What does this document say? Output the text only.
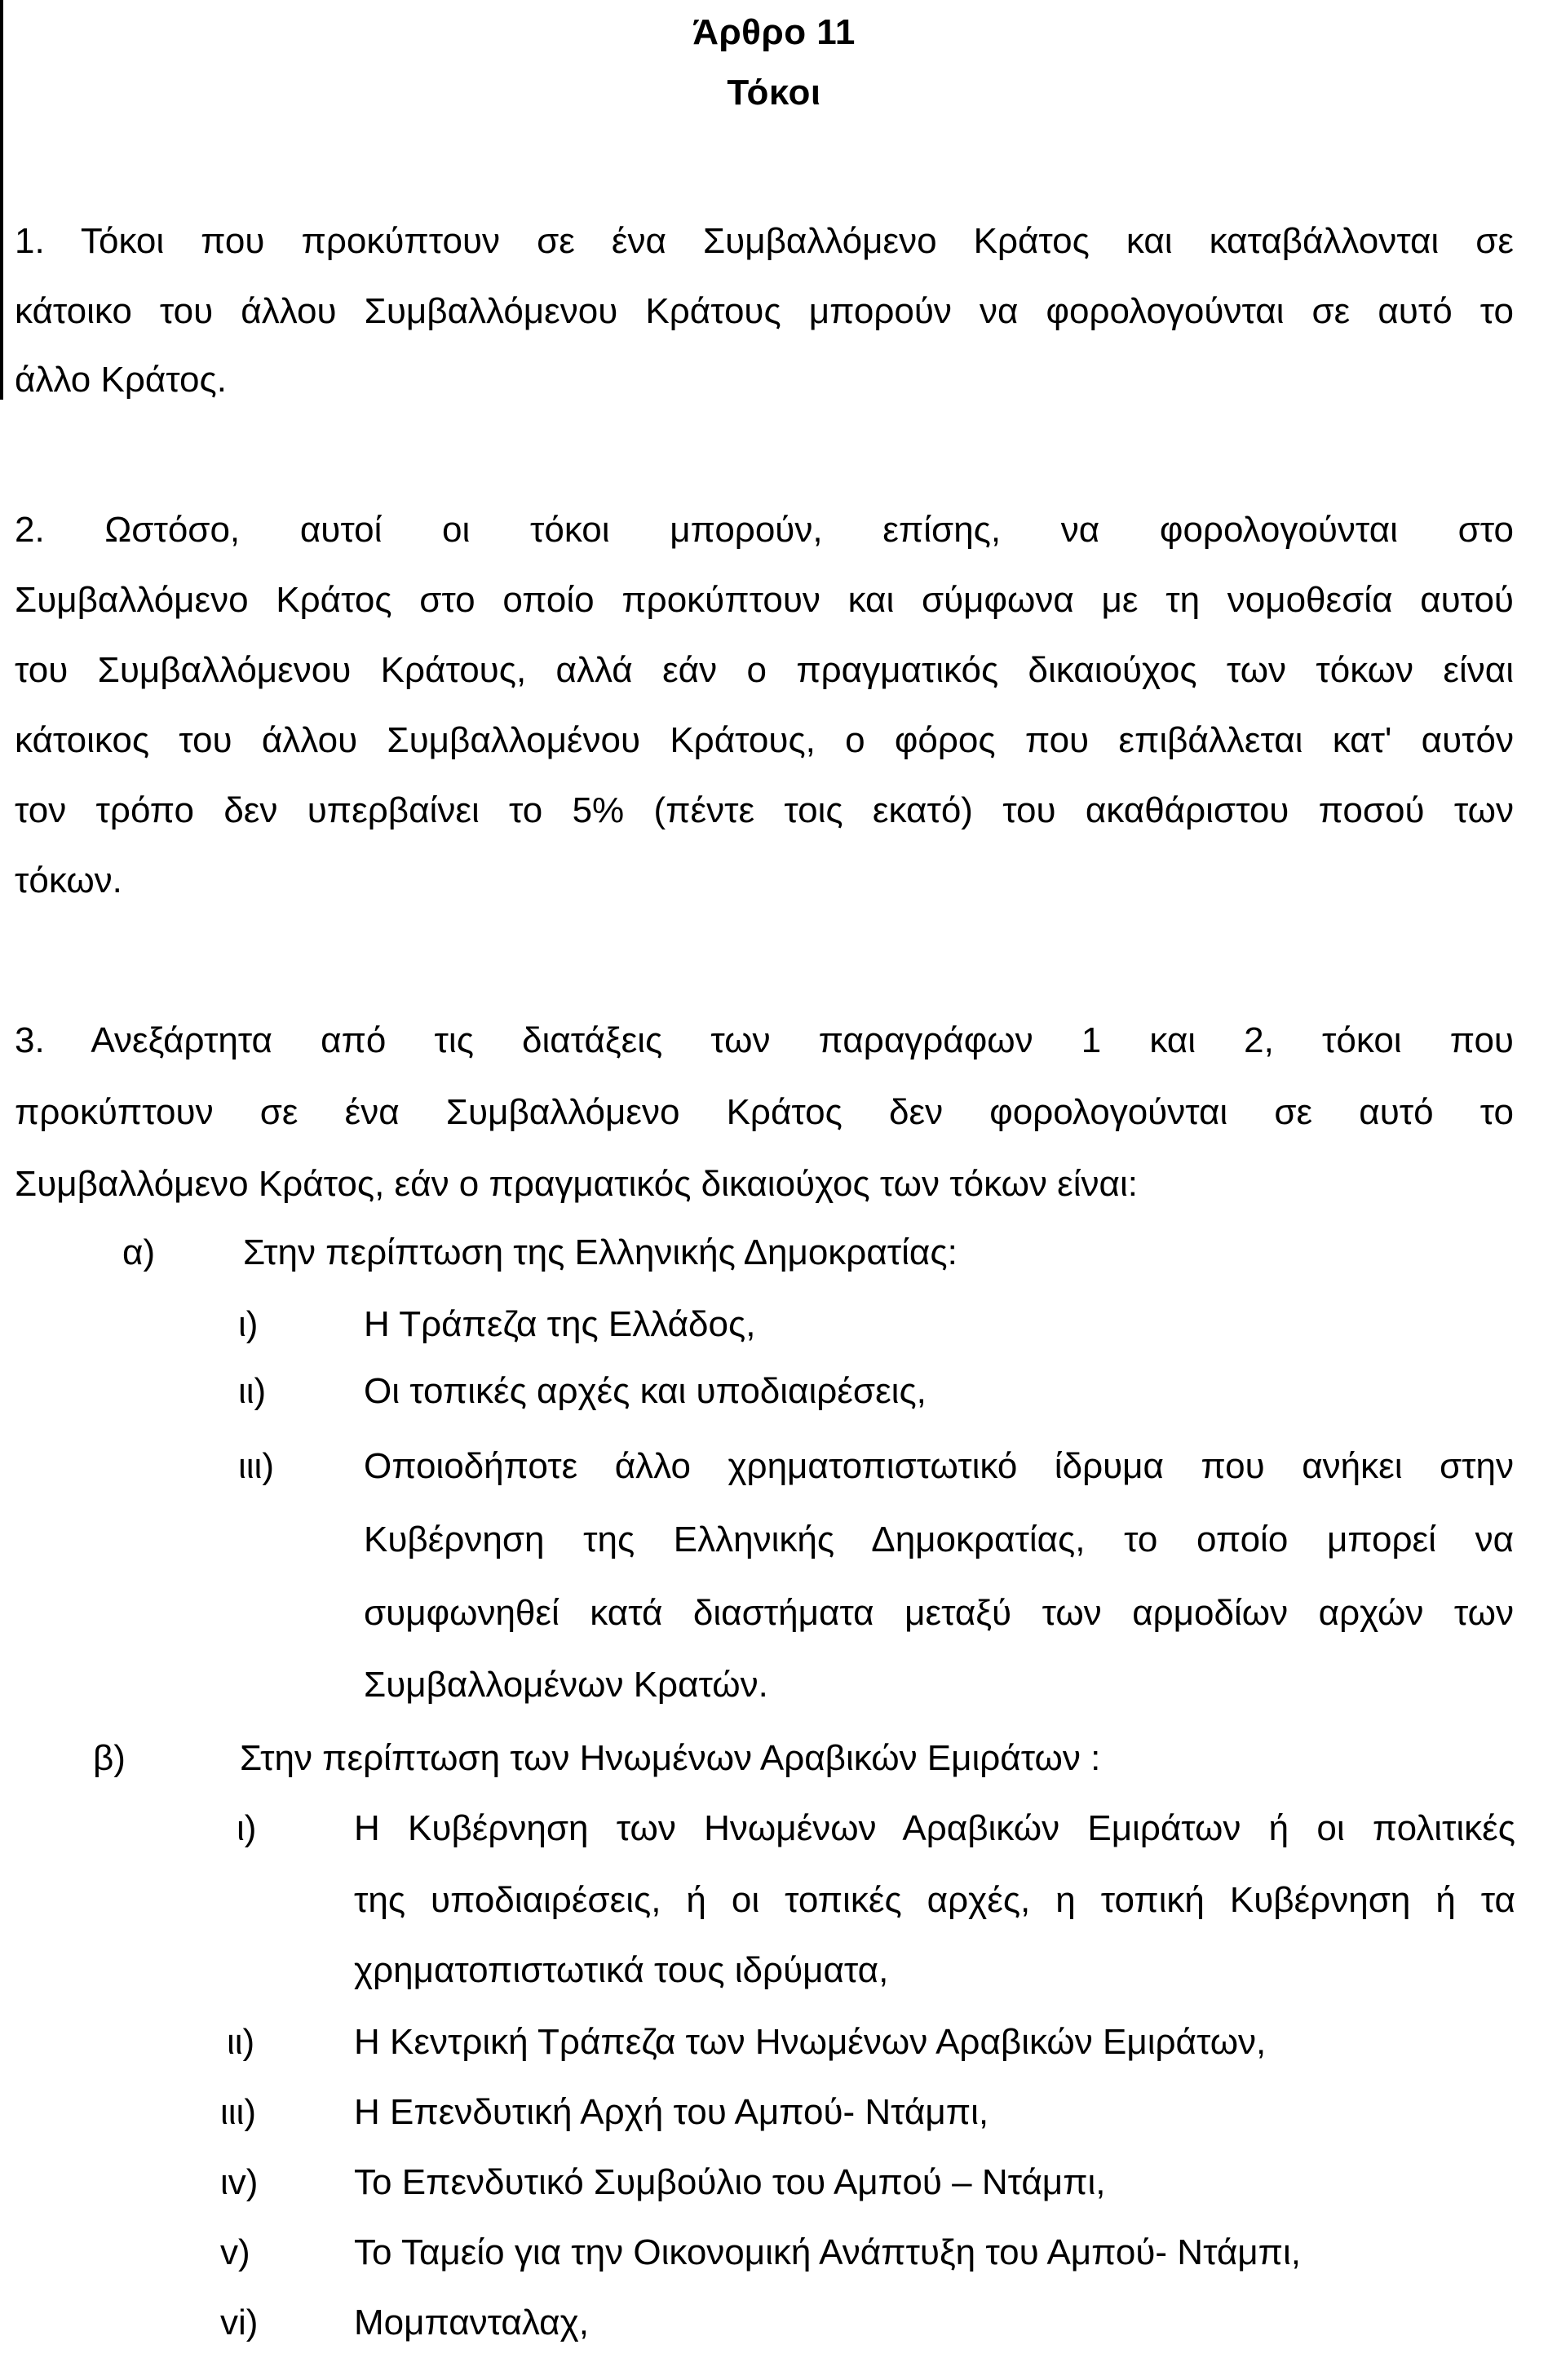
Άρθρο 11
Τόκοι
1. Τόκοι που προκύπτουν σε ένα Συμβαλλόμενο Κράτος και καταβάλλονται σε
κάτοικο του άλλου Συμβαλλόμενου Κράτους μπορούν να φορολογούνται σε αυτό το
άλλο Κράτος.
2. Ωστόσο, αυτοί οι τόκοι μπορούν, επίσης, να φορολογούνται στο
Συμβαλλόμενο Κράτος στο οποίο προκύπτουν και σύμφωνα με τη νομοθεσία αυτού
του Συμβαλλόμενου Κράτους, αλλά εάν ο πραγματικός δικαιούχος των τόκων είναι
κάτοικος του άλλου Συμβαλλομένου Κράτους, ο φόρος που επιβάλλεται κατ' αυτόν
τον τρόπο δεν υπερβαίνει το 5% (πέντε τοις εκατό) του ακαθάριστου ποσού των
τόκων.
3. Ανεξάρτητα από τις διατάξεις των παραγράφων 1 και 2, τόκοι που
προκύπτουν σε ένα Συμβαλλόμενο Κράτος δεν φορολογούνται σε αυτό το
Συμβαλλόμενο Κράτος, εάν ο πραγματικός δικαιούχος των τόκων είναι:
α) Στην περίπτωση της Ελληνικής Δημοκρατίας:
ι)	Η Τράπεζα της Ελλάδος,
ιι)	Οι τοπικές αρχές και υποδιαιρέσεις,
ιιι)	Οποιοδήποτε άλλο χρηματοπιστωτικό ίδρυμα που ανήκει στην
Κυβέρνηση της Ελληνικής Δημοκρατίας, το οποίο μπορεί να
συμφωνηθεί κατά διαστήματα μεταξύ των αρμοδίων αρχών των
Συμβαλλομένων Κρατών.
β)	Στην περίπτωση των Ηνωμένων Αραβικών Εμιράτων :
ι)	Η Κυβέρνηση των Ηνωμένων Αραβικών Εμιράτων ή οι πολιτικές
της υποδιαιρέσεις, ή οι τοπικές αρχές, η τοπική Κυβέρνηση ή τα
χρηματοπιστωτικά τους ιδρύματα,
ιι)	Η Κεντρική Τράπεζα των Ηνωμένων Αραβικών Εμιράτων,
ιιι)	Η Επενδυτική Αρχή του Αμπού- Ντάμπι,
ιv)	Το Επενδυτικό Συμβούλιο του Αμπού – Ντάμπι,
v)	Το Ταμείο για την Οικονομική Ανάπτυξη του Αμπού- Ντάμπι,
vi)	Μομπανταλαχ,
